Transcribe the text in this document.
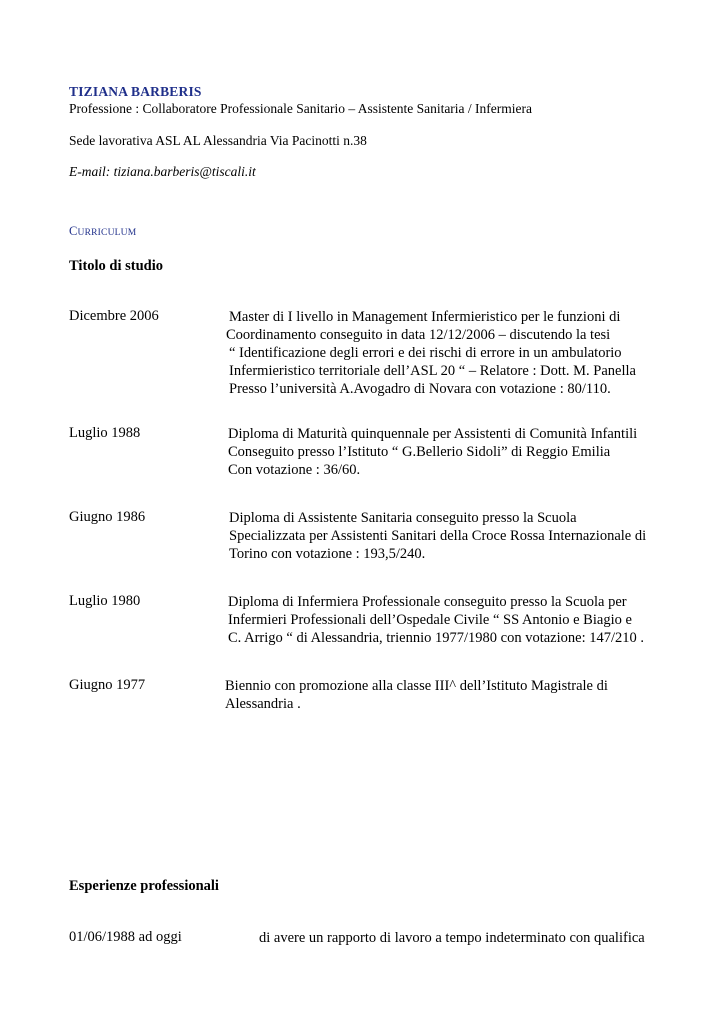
TIZIANA BARBERIS
Professione : Collaboratore Professionale Sanitario – Assistente Sanitaria / Infermiera
Sede lavorativa ASL AL Alessandria Via Pacinotti n.38
E-mail: tiziana.barberis@tiscali.it
CURRICULUM
Titolo di studio
Dicembre 2006	Master di I livello in Management Infermieristico per le funzioni di
Coordinamento conseguito in data 12/12/2006 – discutendo la tesi
“ Identificazione degli errori e dei rischi di errore in un ambulatorio
Infermieristico territoriale dell’ASL 20 “ – Relatore : Dott. M. Panella
Presso l’università A.Avogadro di Novara con votazione : 80/110.
Luglio 1988	Diploma di Maturità quinquennale per Assistenti di Comunità Infantili
Conseguito presso l’Istituto “ G.Bellerio Sidoli” di Reggio Emilia
Con votazione : 36/60.
Giugno 1986	Diploma di Assistente Sanitaria conseguito presso la Scuola
Specializzata per Assistenti Sanitari della Croce Rossa Internazionale di
Torino con votazione : 193,5/240.
Luglio 1980	Diploma di Infermiera Professionale conseguito presso la Scuola per
Infermieri Professionali dell’Ospedale Civile “ SS Antonio e Biagio e
C. Arrigo “ di Alessandria, triennio 1977/1980 con votazione: 147/210 .
Giugno 1977	Biennio con promozione alla classe III^ dell’Istituto Magistrale di
Alessandria .
Esperienze professionali
01/06/1988 ad oggi	di avere un rapporto di lavoro a tempo indeterminato con qualifica
